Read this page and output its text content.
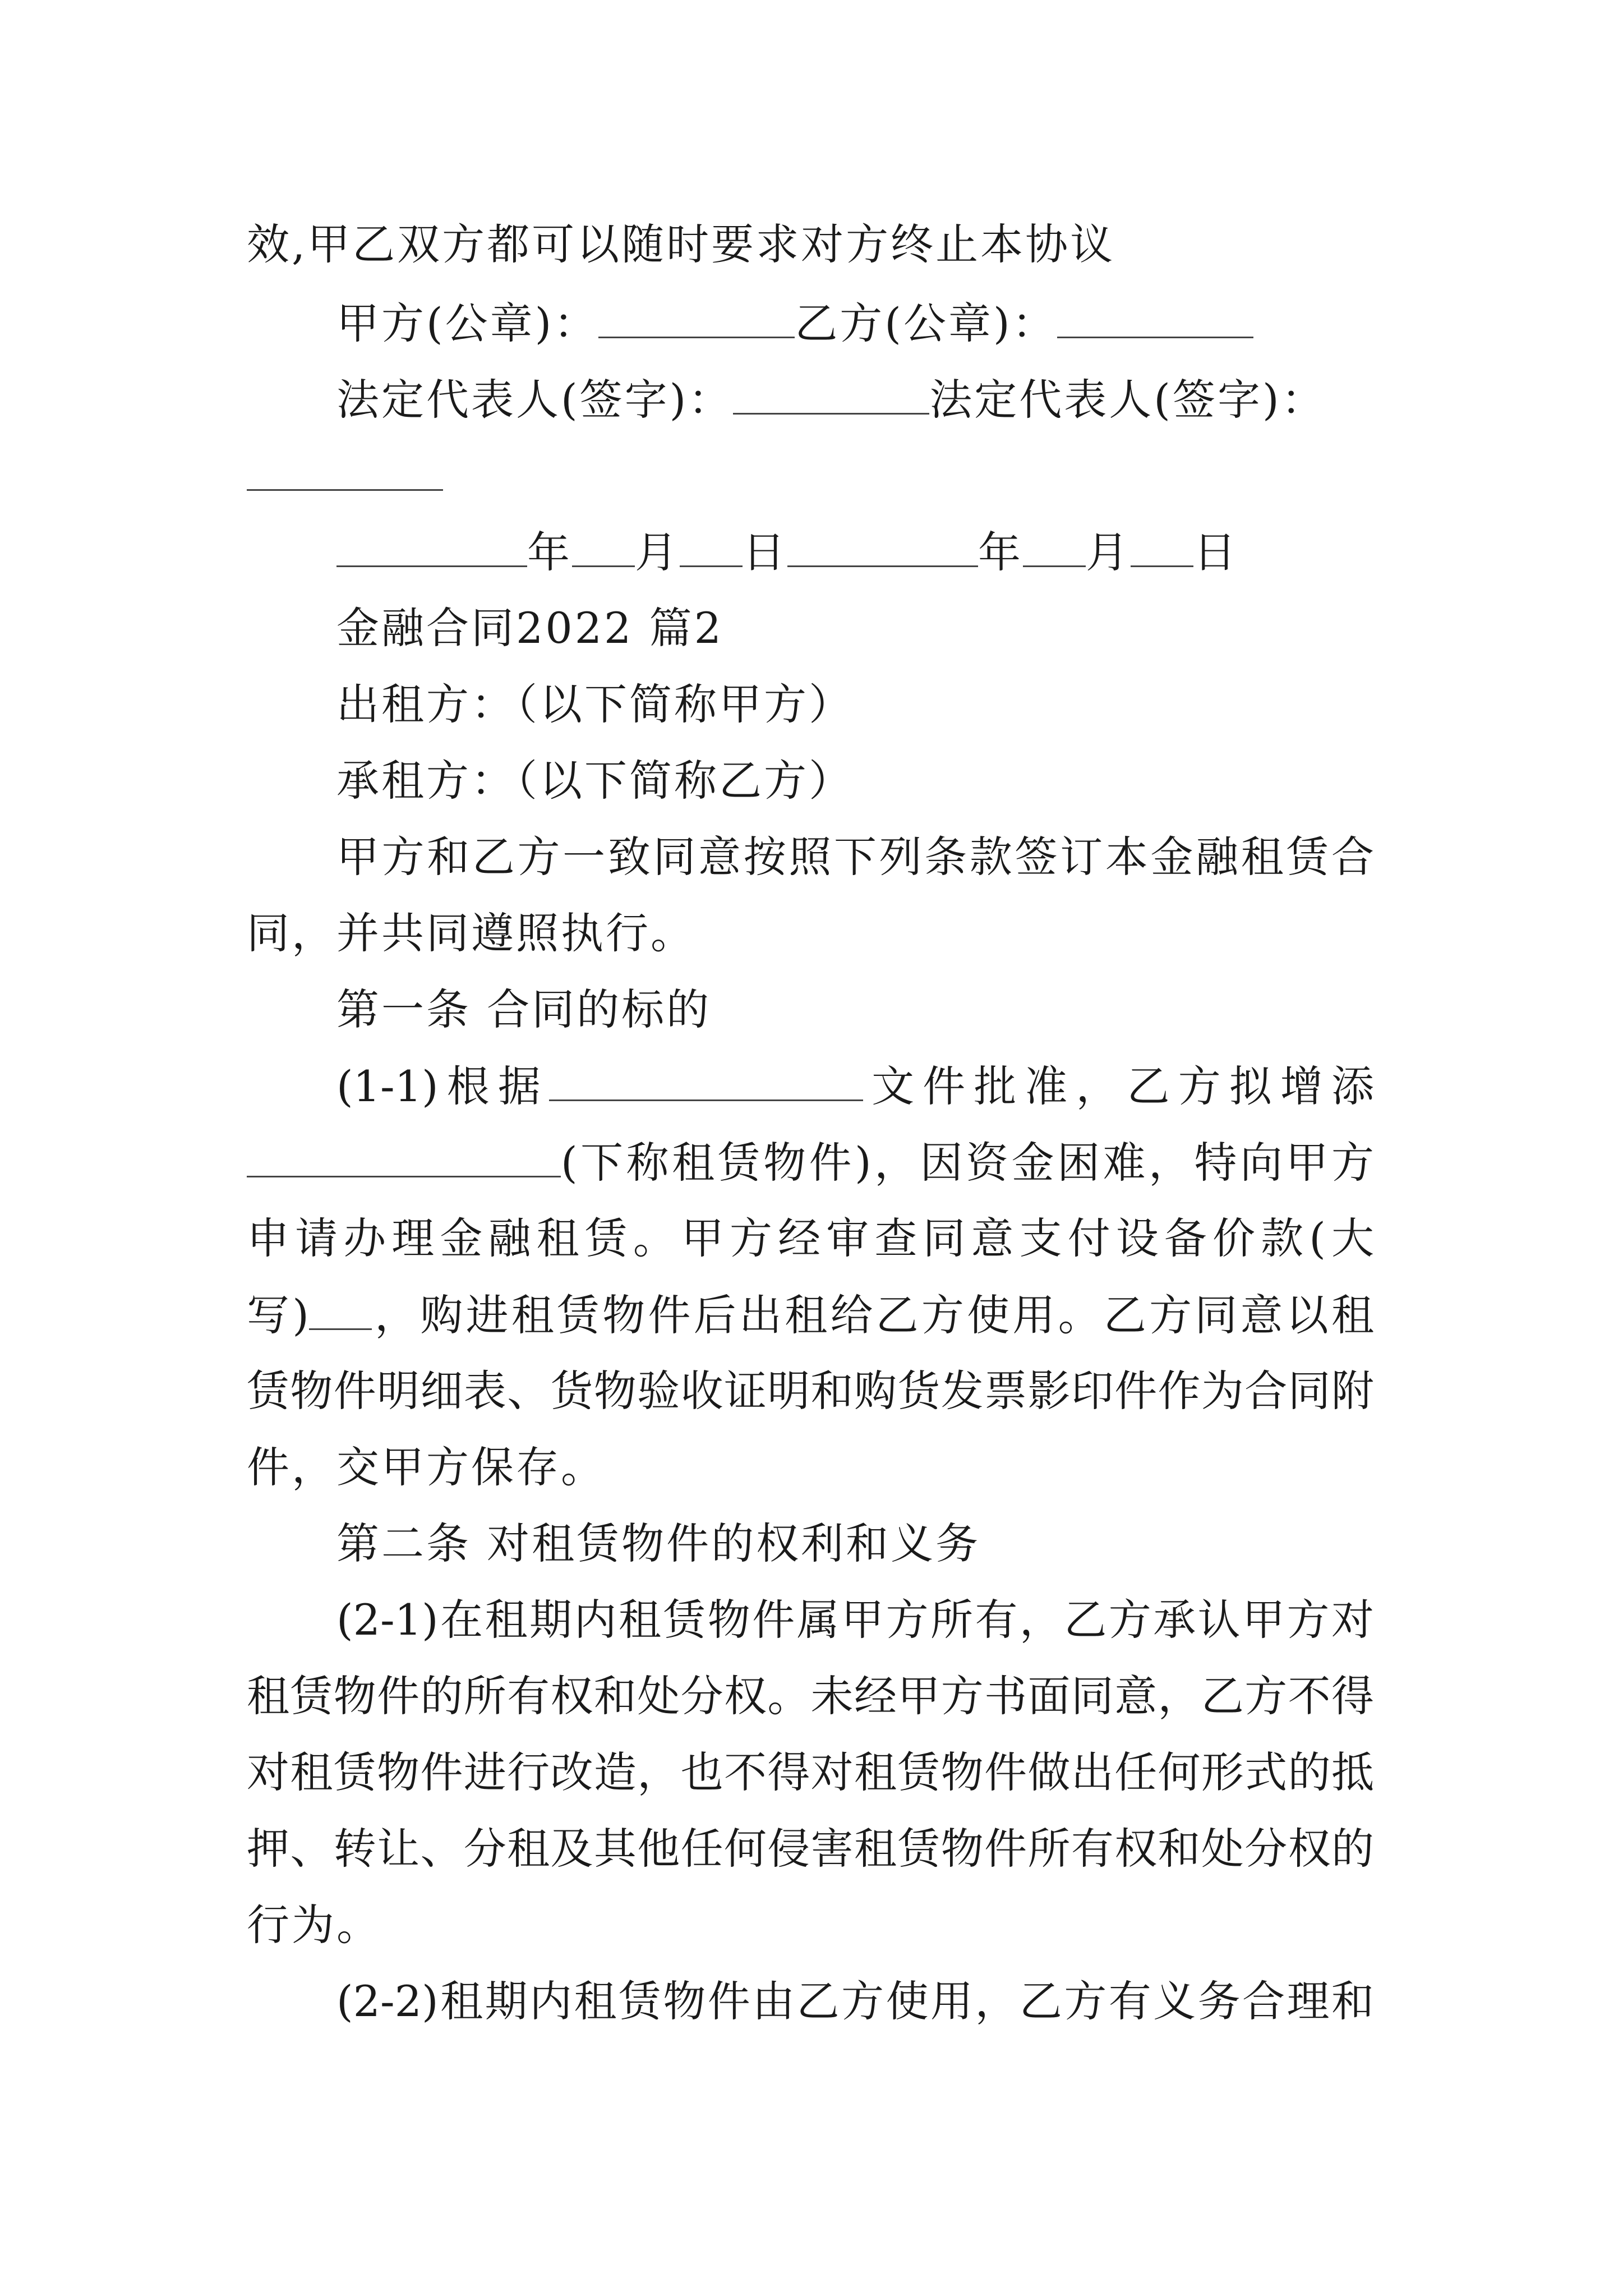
效,甲乙双方都可以随时要求对方终止本协议
甲方(公章)：	乙方(公章)：
法定代表人(签字)：	法定代表人(签字)：
年 月 日	年 月 日
金融合同2022 篇2
出租方：（以下简称甲方）
承租方：（以下简称乙方）
甲方和乙方一致同意按照下列条款签订本金融租赁合
同，并共同遵照执行。
第一条 合同的标的
(1-1)根据	文件批准，乙方拟增添
(下称租赁物件)，因资金困难，特向甲方
申请办理金融租赁。甲方经审查同意支付设备价款(大
写) ，购进租赁物件后出租给乙方使用。乙方同意以租
赁物件明细表、货物验收证明和购货发票影印件作为合同附
件，交甲方保存。
第二条 对租赁物件的权利和义务
(2-1)在租期内租赁物件属甲方所有，乙方承认甲方对
租赁物件的所有权和处分权。未经甲方书面同意，乙方不得
对租赁物件进行改造，也不得对租赁物件做出任何形式的抵
押、转让、分租及其他任何侵害租赁物件所有权和处分权的
行为。
(2-2)租期内租赁物件由乙方使用，乙方有义务合理和
